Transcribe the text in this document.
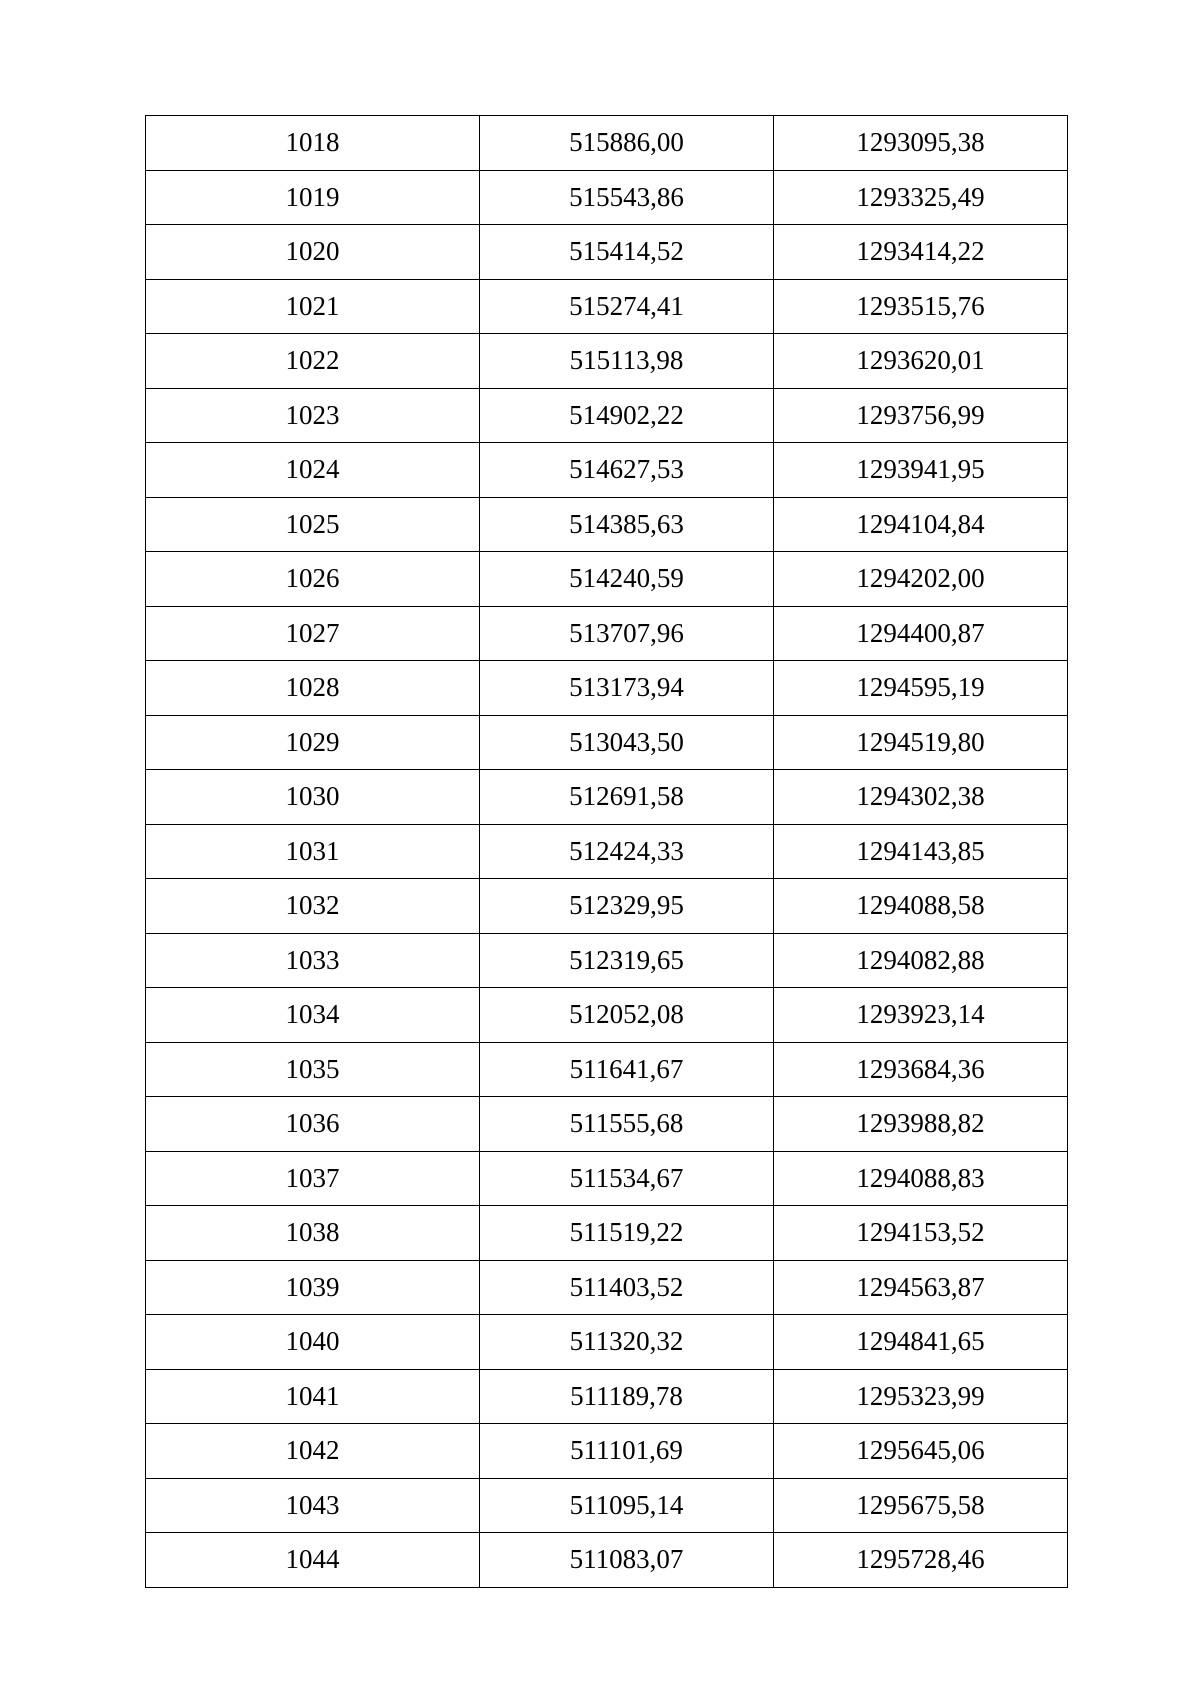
1018	515886,00	1293095,38
1019	515543,86	1293325,49
1020	515414,52	1293414,22
1021	515274,41	1293515,76
1022	515113,98	1293620,01
1023	514902,22	1293756,99
1024	514627,53	1293941,95
1025	514385,63	1294104,84
1026	514240,59	1294202,00
1027	513707,96	1294400,87
1028	513173,94	1294595,19
1029	513043,50	1294519,80
1030	512691,58	1294302,38
1031	512424,33	1294143,85
1032	512329,95	1294088,58
1033	512319,65	1294082,88
1034	512052,08	1293923,14
1035	511641,67	1293684,36
1036	511555,68	1293988,82
1037	511534,67	1294088,83
1038	511519,22	1294153,52
1039	511403,52	1294563,87
1040	511320,32	1294841,65
1041	511189,78	1295323,99
1042	511101,69	1295645,06
1043	511095,14	1295675,58
1044	511083,07	1295728,46
